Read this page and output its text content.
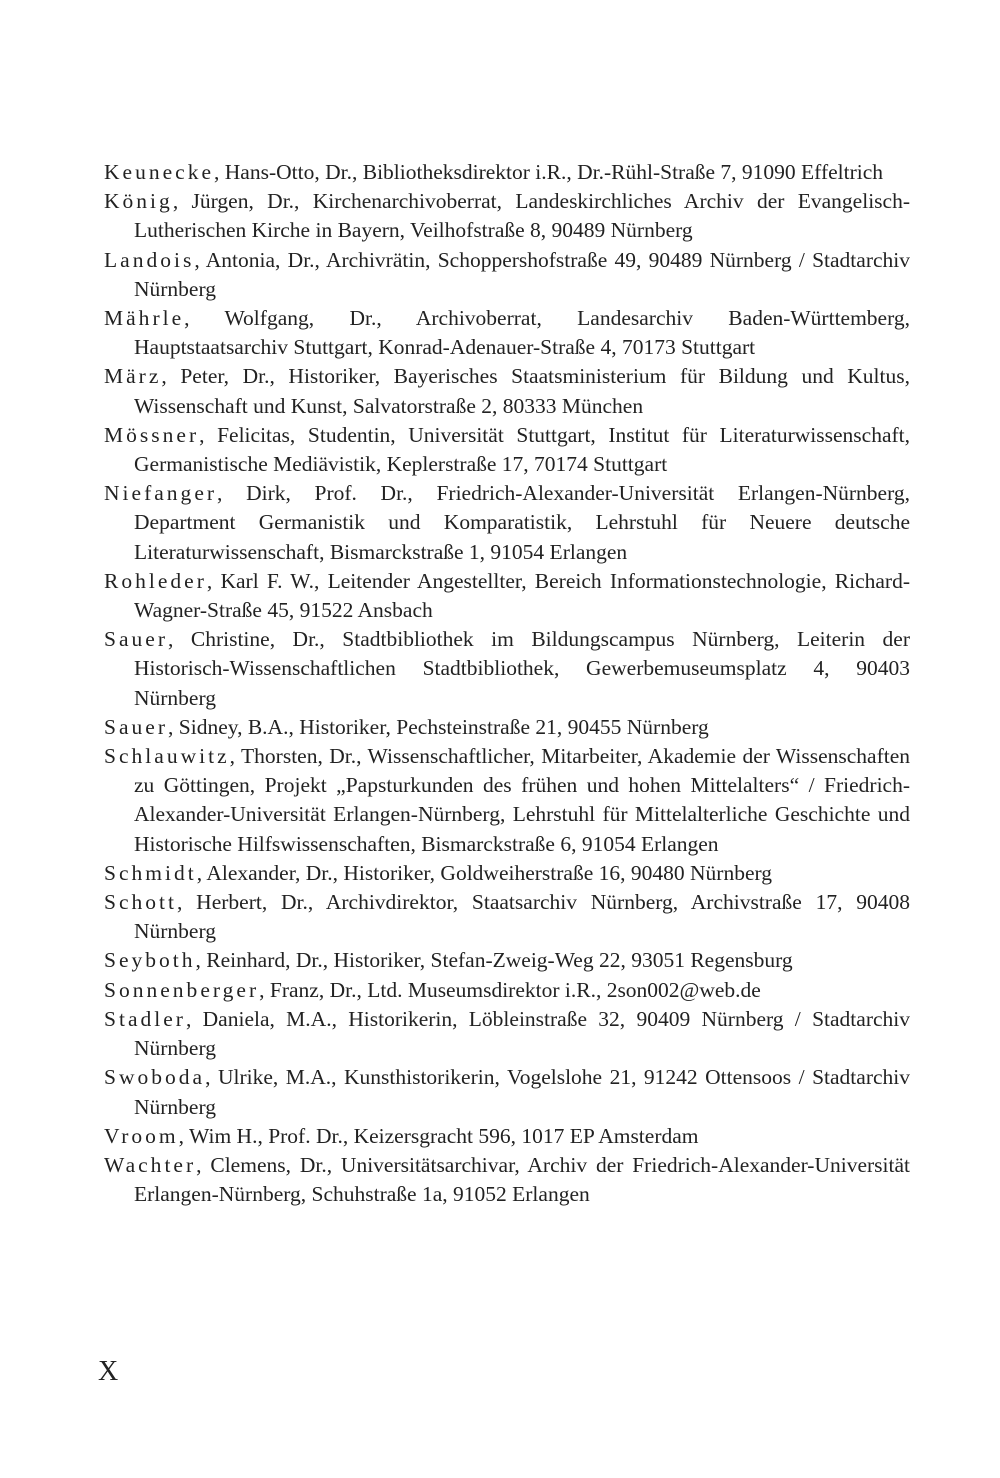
Keunecke, Hans-Otto, Dr., Bibliotheksdirektor i.R., Dr.-Rühl-Straße 7, 91090 Effeltrich

König, Jürgen, Dr., Kirchenarchivoberrat, Landeskirchliches Archiv der Evangelisch-Lutherischen Kirche in Bayern, Veilhofstraße 8, 90489 Nürnberg

Landois, Antonia, Dr., Archivrätin, Schoppershofstraße 49, 90489 Nürnberg / Stadtarchiv Nürnberg

Mährle, Wolfgang, Dr., Archivoberrat, Landesarchiv Baden-Württemberg, Hauptstaatsarchiv Stuttgart, Konrad-Adenauer-Straße 4, 70173 Stuttgart

März, Peter, Dr., Historiker, Bayerisches Staatsministerium für Bildung und Kultus, Wissenschaft und Kunst, Salvatorstraße 2, 80333 München

Mössner, Felicitas, Studentin, Universität Stuttgart, Institut für Literaturwissenschaft, Germanistische Mediävistik, Keplerstraße 17, 70174 Stuttgart

Niefanger, Dirk, Prof. Dr., Friedrich-Alexander-Universität Erlangen-Nürnberg, Department Germanistik und Komparatistik, Lehrstuhl für Neuere deutsche Literaturwissenschaft, Bismarckstraße 1, 91054 Erlangen

Rohleder, Karl F. W., Leitender Angestellter, Bereich Informationstechnologie, Richard-Wagner-Straße 45, 91522 Ansbach

Sauer, Christine, Dr., Stadtbibliothek im Bildungscampus Nürnberg, Leiterin der Historisch-Wissenschaftlichen Stadtbibliothek, Gewerbemuseumsplatz 4, 90403 Nürnberg

Sauer, Sidney, B.A., Historiker, Pechsteinstraße 21, 90455 Nürnberg

Schlauwitz, Thorsten, Dr., Wissenschaftlicher, Mitarbeiter, Akademie der Wissenschaften zu Göttingen, Projekt „Papsturkunden des frühen und hohen Mittelalters“ / Friedrich-Alexander-Universität Erlangen-Nürnberg, Lehrstuhl für Mittelalterliche Geschichte und Historische Hilfswissenschaften, Bismarckstraße 6, 91054 Erlangen

Schmidt, Alexander, Dr., Historiker, Goldweiherstraße 16, 90480 Nürnberg

Schott, Herbert, Dr., Archivdirektor, Staatsarchiv Nürnberg, Archivstraße 17, 90408 Nürnberg

Seyboth, Reinhard, Dr., Historiker, Stefan-Zweig-Weg 22, 93051 Regensburg

Sonnenberger, Franz, Dr., Ltd. Museumsdirektor i.R., 2son002@web.de

Stadler, Daniela, M.A., Historikerin, Löbleinstraße 32, 90409 Nürnberg / Stadtarchiv Nürnberg

Swoboda, Ulrike, M.A., Kunsthistorikerin, Vogelslohe 21, 91242 Ottensoos / Stadtarchiv Nürnberg

Vroom, Wim H., Prof. Dr., Keizersgracht 596, 1017 EP Amsterdam

Wachter, Clemens, Dr., Universitätsarchivar, Archiv der Friedrich-Alexander-Universität Erlangen-Nürnberg, Schuhstraße 1a, 91052 Erlangen

X
